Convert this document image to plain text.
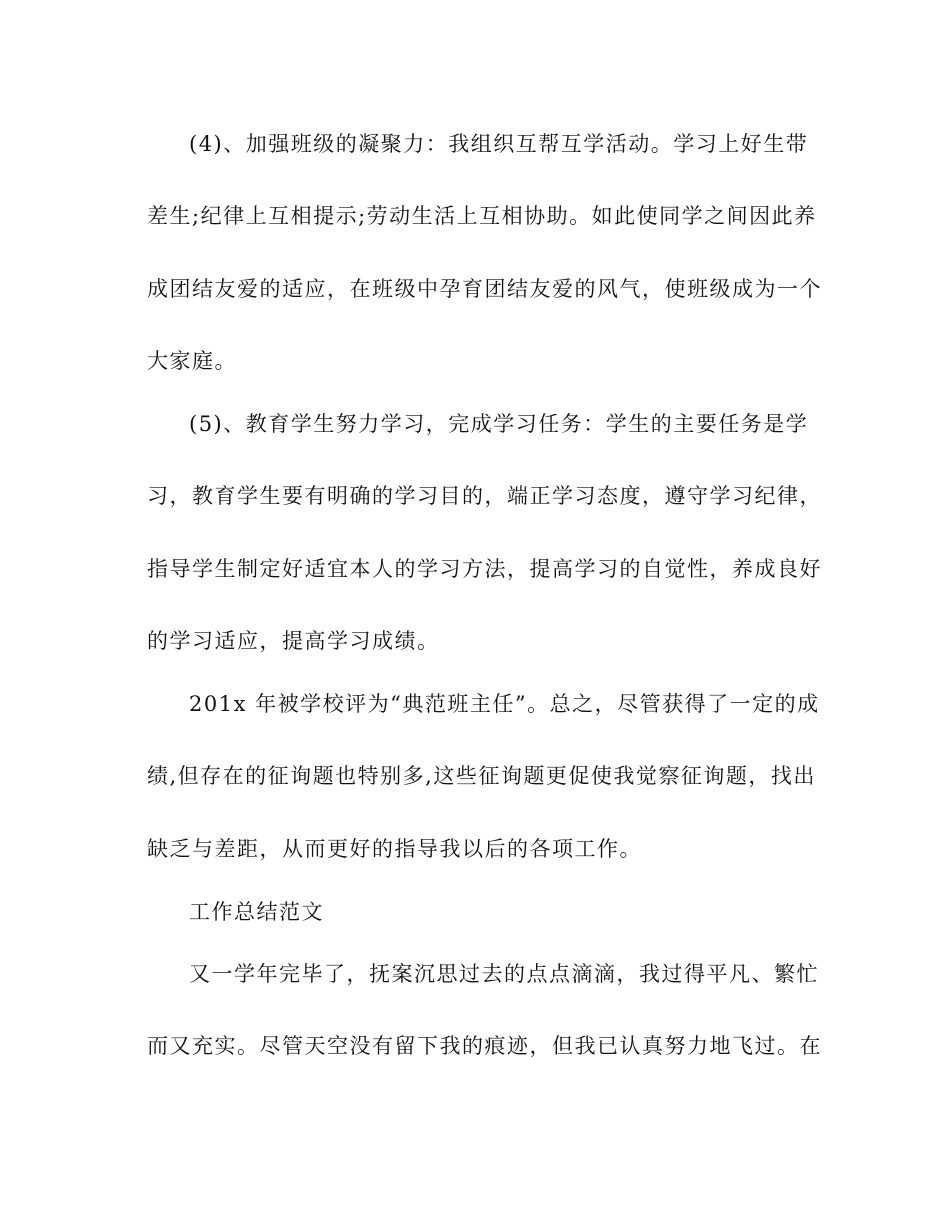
(4)、加强班级的凝聚力：我组织互帮互学活动。学习上好生带
差生;纪律上互相提示;劳动生活上互相协助。如此使同学之间因此养
成团结友爱的适应，在班级中孕育团结友爱的风气，使班级成为一个
大家庭。
(5)、教育学生努力学习，完成学习任务：学生的主要任务是学
习，教育学生要有明确的学习目的，端正学习态度，遵守学习纪律，
指导学生制定好适宜本人的学习方法，提高学习的自觉性，养成良好
的学习适应，提高学习成绩。
201x 年被学校评为“典范班主任”。总之，尽管获得了一定的成
绩,但存在的征询题也特别多,这些征询题更促使我觉察征询题，找出
缺乏与差距，从而更好的指导我以后的各项工作。
工作总结范文
又一学年完毕了，抚案沉思过去的点点滴滴，我过得平凡、繁忙
而又充实。尽管天空没有留下我的痕迹，但我已认真努力地飞过。在
